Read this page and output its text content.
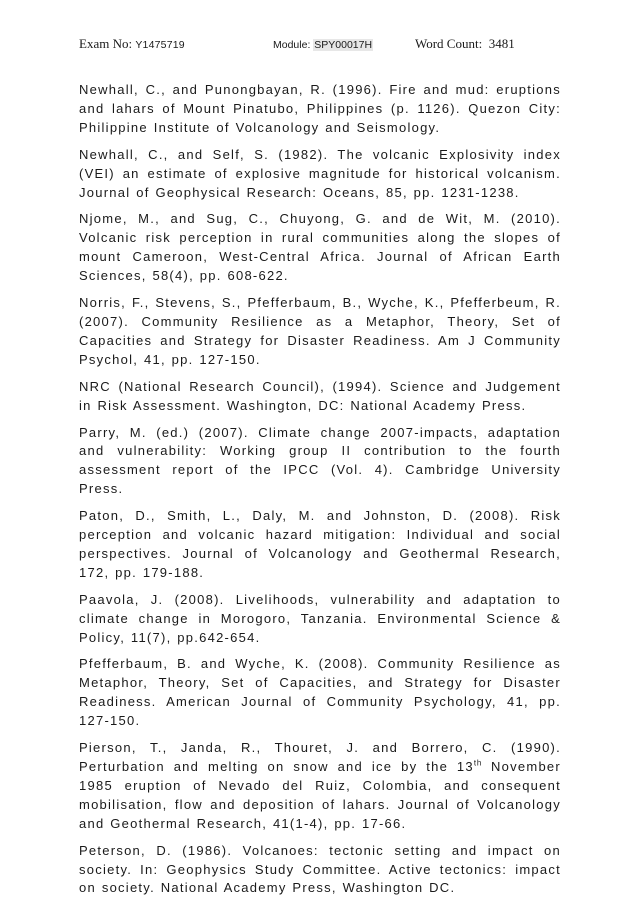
Exam No: Y1475719	Module: SPY00017H	Word Count: 3481

Newhall, C., and Punongbayan, R. (1996). Fire and mud: eruptions and lahars of Mount Pinatubo, Philippines (p. 1126). Quezon City: Philippine Institute of Volcanology and Seismology.

Newhall, C., and Self, S. (1982). The volcanic Explosivity index (VEI) an estimate of explosive magnitude for historical volcanism. Journal of Geophysical Research: Oceans, 85, pp. 1231-1238.

Njome, M., and Sug, C., Chuyong, G. and de Wit, M. (2010). Volcanic risk perception in rural communities along the slopes of mount Cameroon, West-Central Africa. Journal of African Earth Sciences, 58(4), pp. 608-622.

Norris, F., Stevens, S., Pfefferbaum, B., Wyche, K., Pfefferbeum, R. (2007). Community Resilience as a Metaphor, Theory, Set of Capacities and Strategy for Disaster Readiness. Am J Community Psychol, 41, pp. 127-150.

NRC (National Research Council), (1994). Science and Judgement in Risk Assessment. Washington, DC: National Academy Press.

Parry, M. (ed.) (2007). Climate change 2007-impacts, adaptation and vulnerability: Working group II contribution to the fourth assessment report of the IPCC (Vol. 4). Cambridge University Press.

Paton, D., Smith, L., Daly, M. and Johnston, D. (2008). Risk perception and volcanic hazard mitigation: Individual and social perspectives. Journal of Volcanology and Geothermal Research, 172, pp. 179-188.

Paavola, J. (2008). Livelihoods, vulnerability and adaptation to climate change in Morogoro, Tanzania. Environmental Science & Policy, 11(7), pp.642-654.

Pfefferbaum, B. and Wyche, K. (2008). Community Resilience as Metaphor, Theory, Set of Capacities, and Strategy for Disaster Readiness. American Journal of Community Psychology, 41, pp. 127-150.

Pierson, T., Janda, R., Thouret, J. and Borrero, C. (1990). Perturbation and melting on snow and ice by the 13th November 1985 eruption of Nevado del Ruiz, Colombia, and consequent mobilisation, flow and deposition of lahars. Journal of Volcanology and Geothermal Research, 41(1-4), pp. 17-66.

Peterson, D. (1986). Volcanoes: tectonic setting and impact on society. In: Geophysics Study Committee. Active tectonics: impact on society. National Academy Press, Washington DC.
